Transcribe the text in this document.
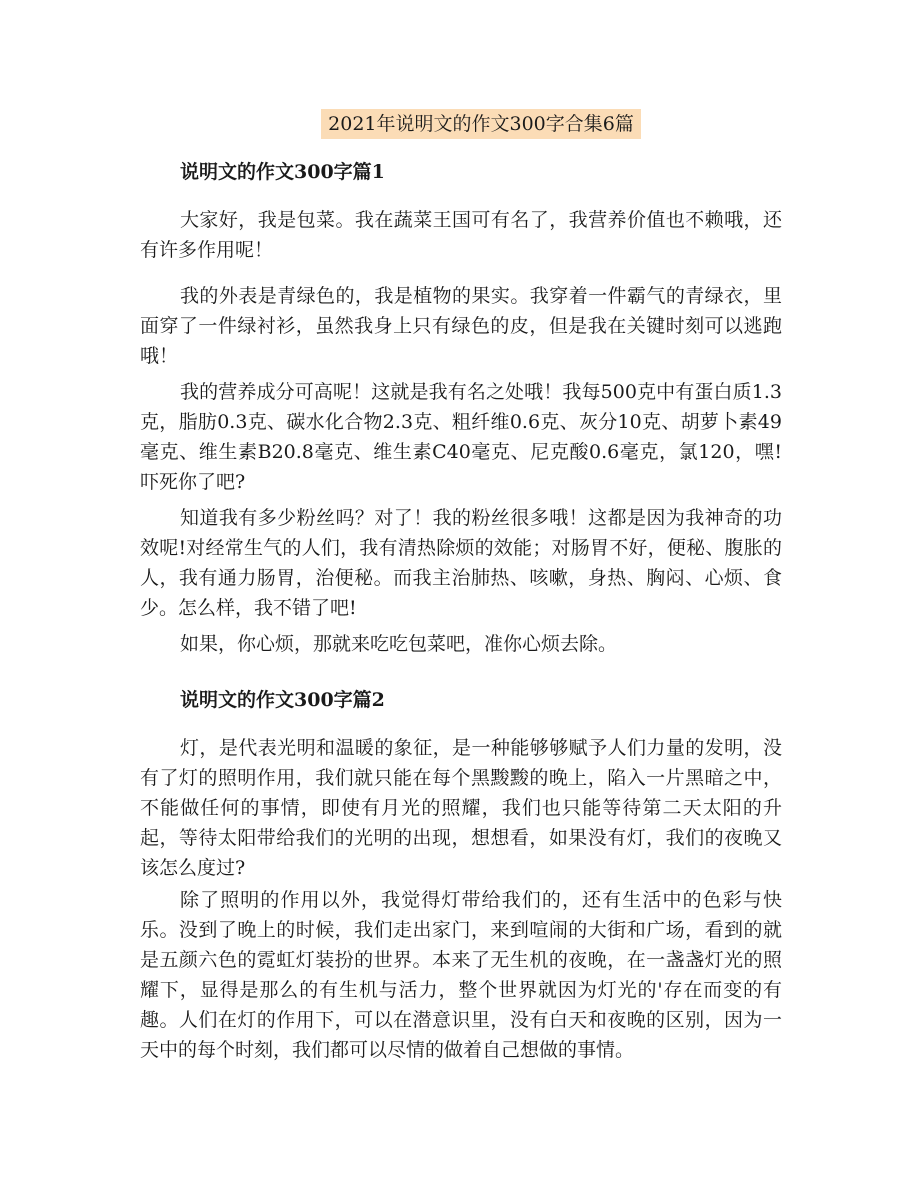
2021年说明文的作文300字合集6篇
说明文的作文300字篇1

大家好，我是包菜。我在蔬菜王国可有名了，我营养价值也不赖哦，还有许多作用呢！

我的外表是青绿色的，我是植物的果实。我穿着一件霸气的青绿衣，里面穿了一件绿衬衫，虽然我身上只有绿色的皮，但是我在关键时刻可以逃跑哦！

我的营养成分可高呢！这就是我有名之处哦！我每500克中有蛋白质1.3克，脂肪0.3克、碳水化合物2.3克、粗纤维0.6克、灰分10克、胡萝卜素49毫克、维生素B20.8毫克、维生素C40毫克、尼克酸0.6毫克，氯120，嘿!吓死你了吧?

知道我有多少粉丝吗？对了！我的粉丝很多哦！这都是因为我神奇的功效呢!对经常生气的人们，我有清热除烦的效能；对肠胃不好，便秘、腹胀的人，我有通力肠胃，治便秘。而我主治肺热、咳嗽，身热、胸闷、心烦、食少。怎么样，我不错了吧!

如果，你心烦，那就来吃吃包菜吧，准你心烦去除。

说明文的作文300字篇2

灯，是代表光明和温暖的象征，是一种能够够赋予人们力量的发明，没有了灯的照明作用，我们就只能在每个黑黢黢的晚上，陷入一片黑暗之中，不能做任何的事情，即使有月光的照耀，我们也只能等待第二天太阳的升起，等待太阳带给我们的光明的出现，想想看，如果没有灯，我们的夜晚又该怎么度过?

除了照明的作用以外，我觉得灯带给我们的，还有生活中的色彩与快乐。没到了晚上的时候，我们走出家门，来到喧闹的大街和广场，看到的就是五颜六色的霓虹灯装扮的世界。本来了无生机的夜晚，在一盏盏灯光的照耀下，显得是那么的有生机与活力，整个世界就因为灯光的'存在而变的有趣。人们在灯的作用下，可以在潜意识里，没有白天和夜晚的区别，因为一天中的每个时刻，我们都可以尽情的做着自己想做的事情。
